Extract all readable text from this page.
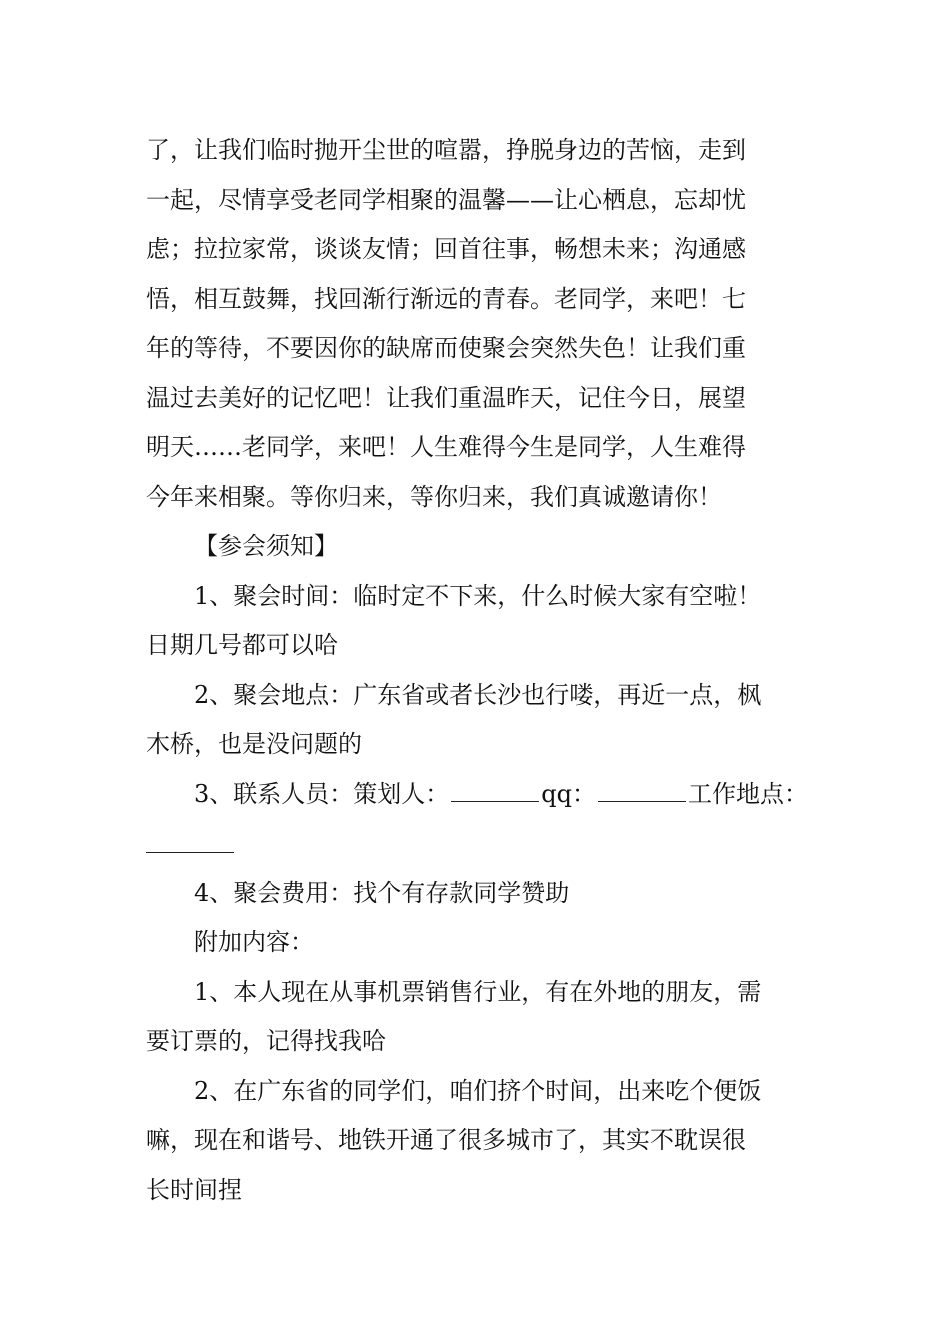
了，让我们临时抛开尘世的喧嚣，挣脱身边的苦恼，走到
一起，尽情享受老同学相聚的温馨——让心栖息，忘却忧
虑；拉拉家常，谈谈友情；回首往事，畅想未来；沟通感
悟，相互鼓舞，找回渐行渐远的青春。老同学，来吧！七
年的等待，不要因你的缺席而使聚会突然失色！让我们重
温过去美好的记忆吧！让我们重温昨天，记住今日，展望
明天……老同学，来吧！人生难得今生是同学，人生难得
今年来相聚。等你归来，等你归来，我们真诚邀请你！
【参会须知】
1、聚会时间：临时定不下来，什么时候大家有空啦！
日期几号都可以哈
2、聚会地点：广东省或者长沙也行喽，再近一点，枫
木桥，也是没问题的
3、联系人员：策划人：	qq：	工作地点：
4、聚会费用：找个有存款同学赞助
附加内容：
1、本人现在从事机票销售行业，有在外地的朋友，需
要订票的，记得找我哈
2、在广东省的同学们，咱们挤个时间，出来吃个便饭
嘛，现在和谐号、地铁开通了很多城市了，其实不耽误很
长时间捏
